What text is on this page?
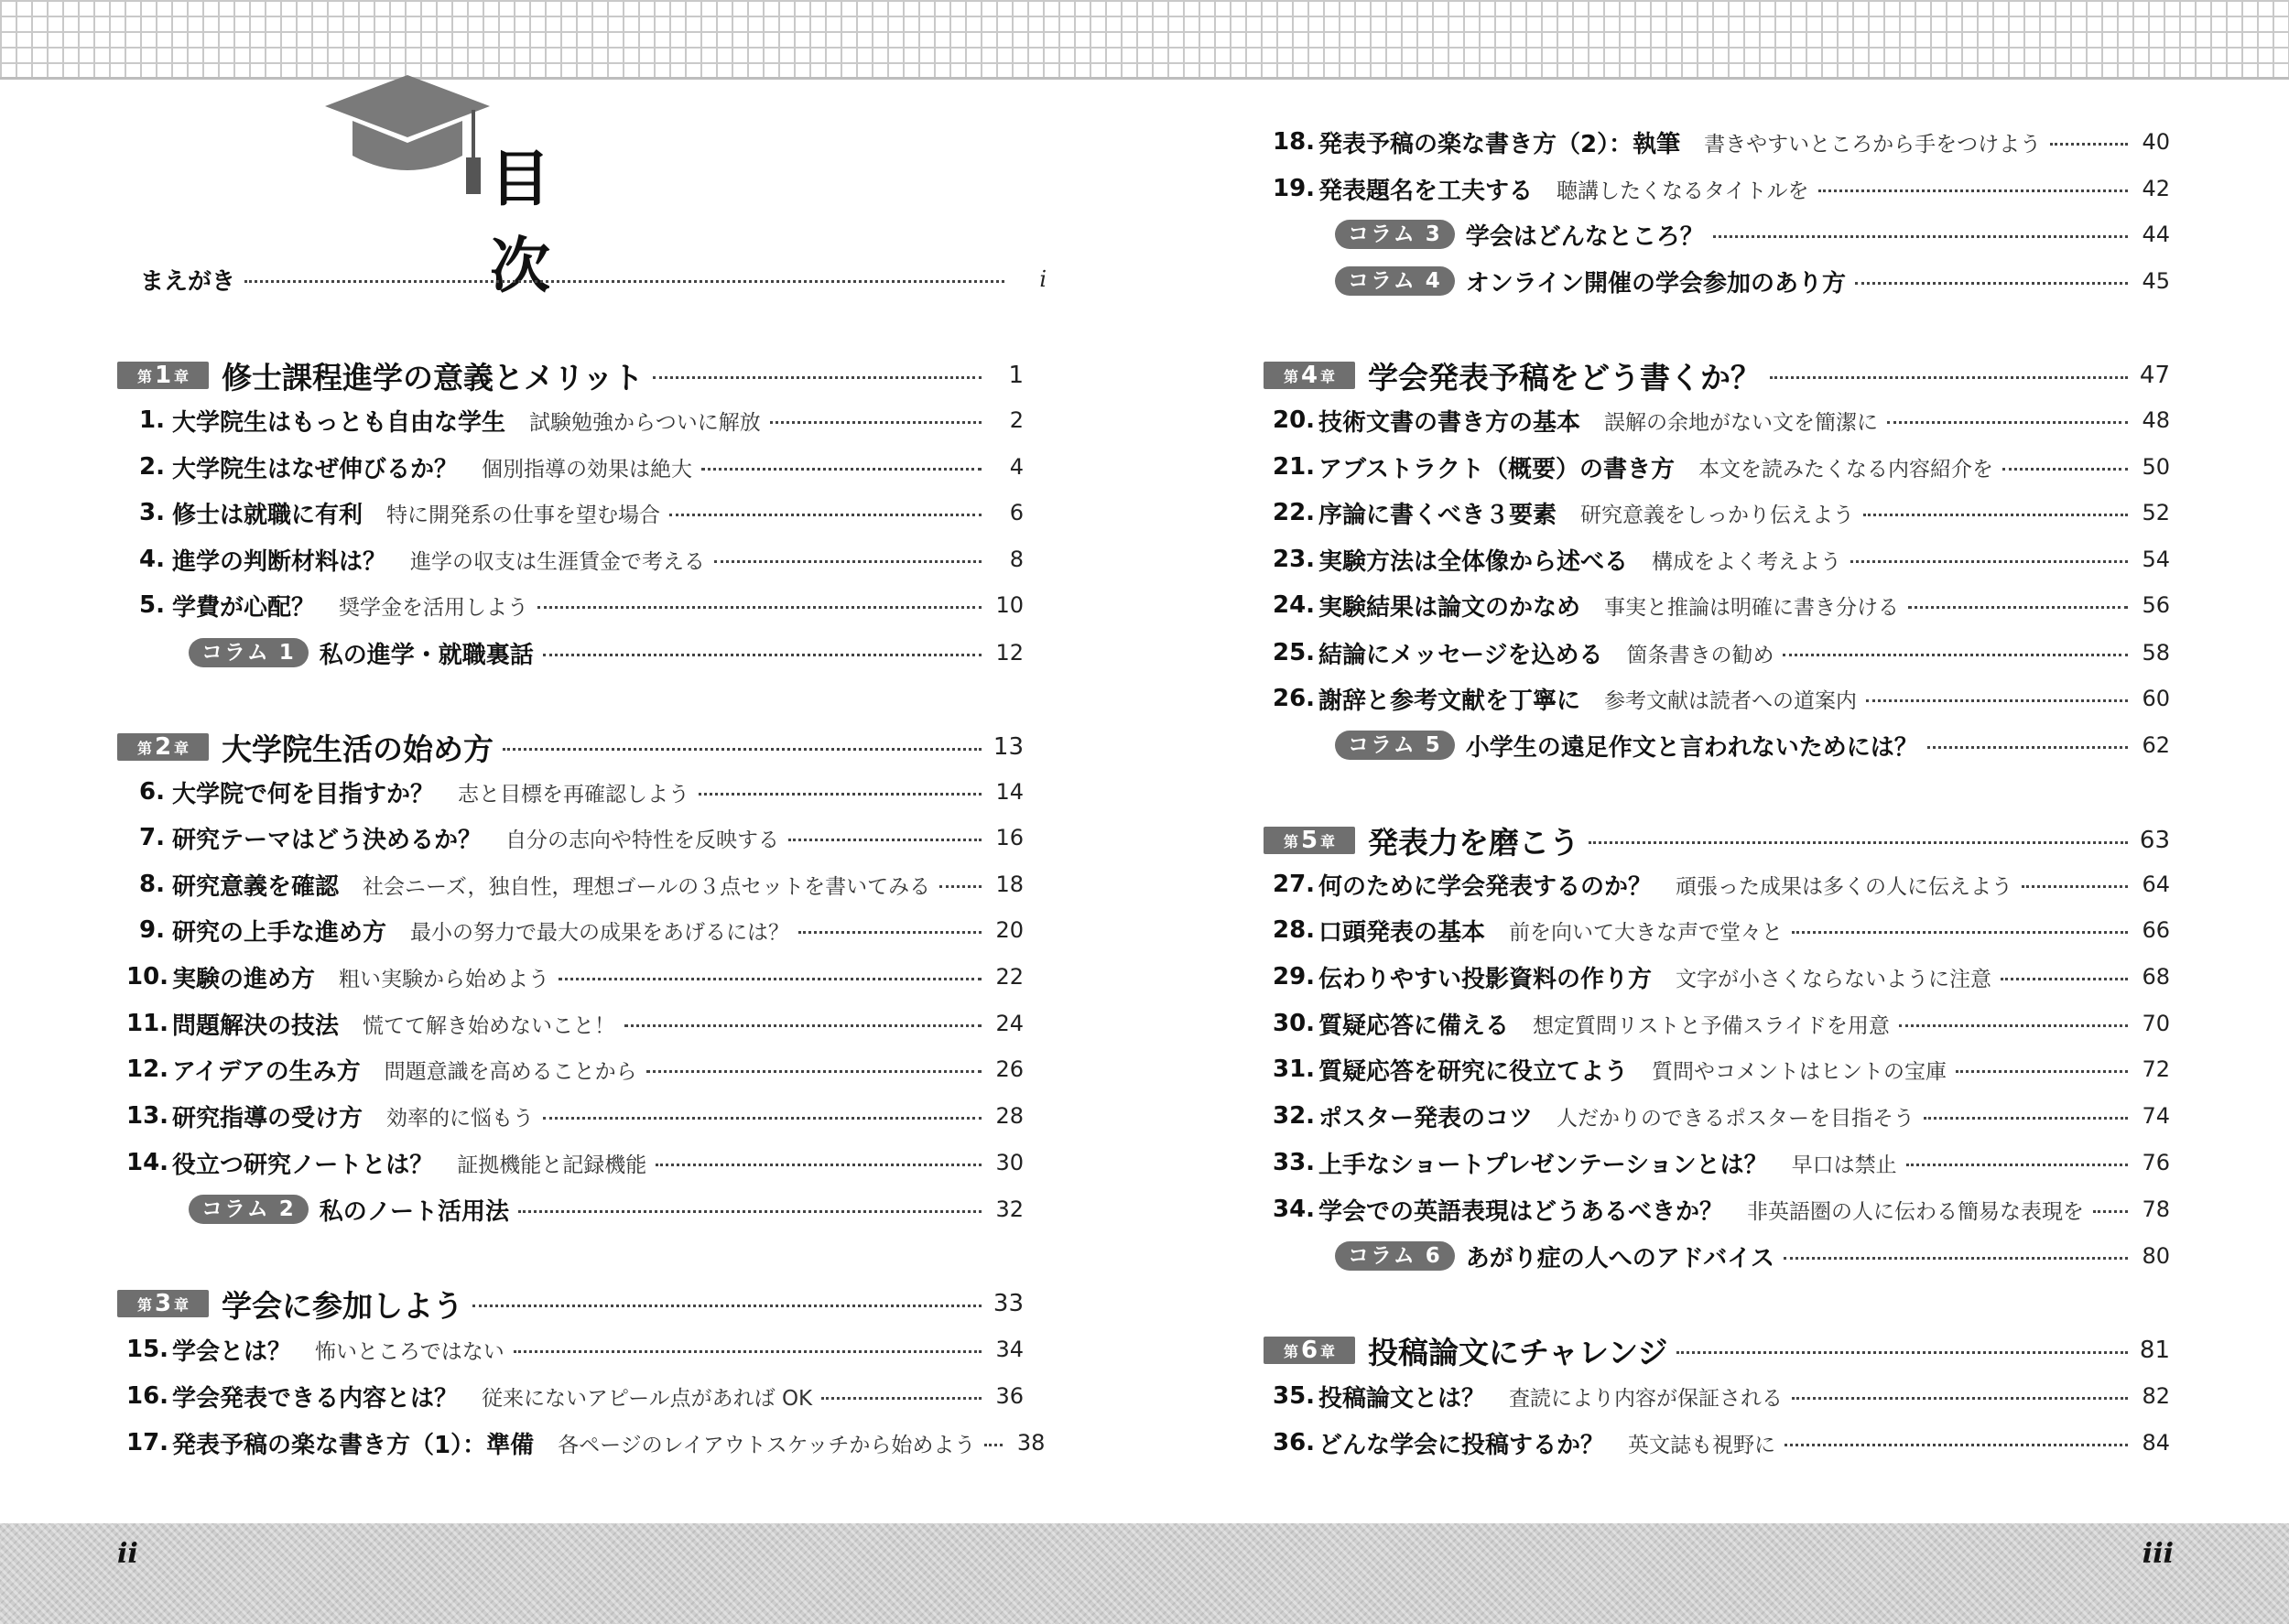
目　次
まえがき	i
第 1 章 修士課程進学の意義とメリット	1
1. 大学院生はもっとも自由な学生 試験勉強からついに解放	2
2. 大学院生はなぜ伸びるか？ 個別指導の効果は絶大	4
3. 修士は就職に有利 特に開発系の仕事を望む場合	6
4. 進学の判断材料は？ 進学の収支は生涯賃金で考える	8
5. 学費が心配？ 奨学金を活用しよう	10
コラム 1	私の進学・就職裏話	12
第 2 章 大学院生活の始め方	13
6. 大学院で何を目指すか？ 志と目標を再確認しよう	14
7. 研究テーマはどう決めるか？ 自分の志向や特性を反映する	16
8. 研究意義を確認 社会ニーズ，独自性，理想ゴールの３点セットを書いてみる	18
9. 研究の上手な進め方 最小の努力で最大の成果をあげるには？	20
10. 実験の進め方 粗い実験から始めよう	22
11. 問題解決の技法 慌てて解き始めないこと！	24
12. アイデアの生み方 問題意識を高めることから	26
13. 研究指導の受け方 効率的に悩もう	28
14. 役立つ研究ノートとは？ 証拠機能と記録機能	30
コラム 2	私のノート活用法	32
第 3 章 学会に参加しよう	33
15. 学会とは？ 怖いところではない	34
16. 学会発表できる内容とは？ 従来にないアピール点があれば OK	36
17. 発表予稿の楽な書き方（1）：準備 各ページのレイアウトスケッチから始めよう 38
18. 発表予稿の楽な書き方（2）：執筆 書きやすいところから手をつけよう	40
19. 発表題名を工夫する 聴講したくなるタイトルを	42
コラム 3	学会はどんなところ？	44
コラム 4	オンライン開催の学会参加のあり方	45
第 4 章 学会発表予稿をどう書くか？	47
20. 技術文書の書き方の基本 誤解の余地がない文を簡潔に	48
21. アブストラクト（概要）の書き方 本文を読みたくなる内容紹介を	50
22. 序論に書くべき３要素 研究意義をしっかり伝えよう	52
23. 実験方法は全体像から述べる 構成をよく考えよう	54
24. 実験結果は論文のかなめ 事実と推論は明確に書き分ける	56
25. 結論にメッセージを込める 箇条書きの勧め	58
26. 謝辞と参考文献を丁寧に 参考文献は読者への道案内	60
コラム 5	小学生の遠足作文と言われないためには？	62
第 5 章 発表力を磨こう	63
27. 何のために学会発表するのか？ 頑張った成果は多くの人に伝えよう	64
28. 口頭発表の基本 前を向いて大きな声で堂々と	66
29. 伝わりやすい投影資料の作り方 文字が小さくならないように注意	68
30. 質疑応答に備える 想定質問リストと予備スライドを用意	70
31. 質疑応答を研究に役立てよう 質問やコメントはヒントの宝庫	72
32. ポスター発表のコツ 人だかりのできるポスターを目指そう	74
33. 上手なショートプレゼンテーションとは？ 早口は禁止	76
34. 学会での英語表現はどうあるべきか？ 非英語圏の人に伝わる簡易な表現を	78
コラム 6	あがり症の人へのアドバイス	80
第 6 章 投稿論文にチャレンジ	81
35. 投稿論文とは？ 査読により内容が保証される	82
36. どんな学会に投稿するか？ 英文誌も視野に	84
ii	iii
